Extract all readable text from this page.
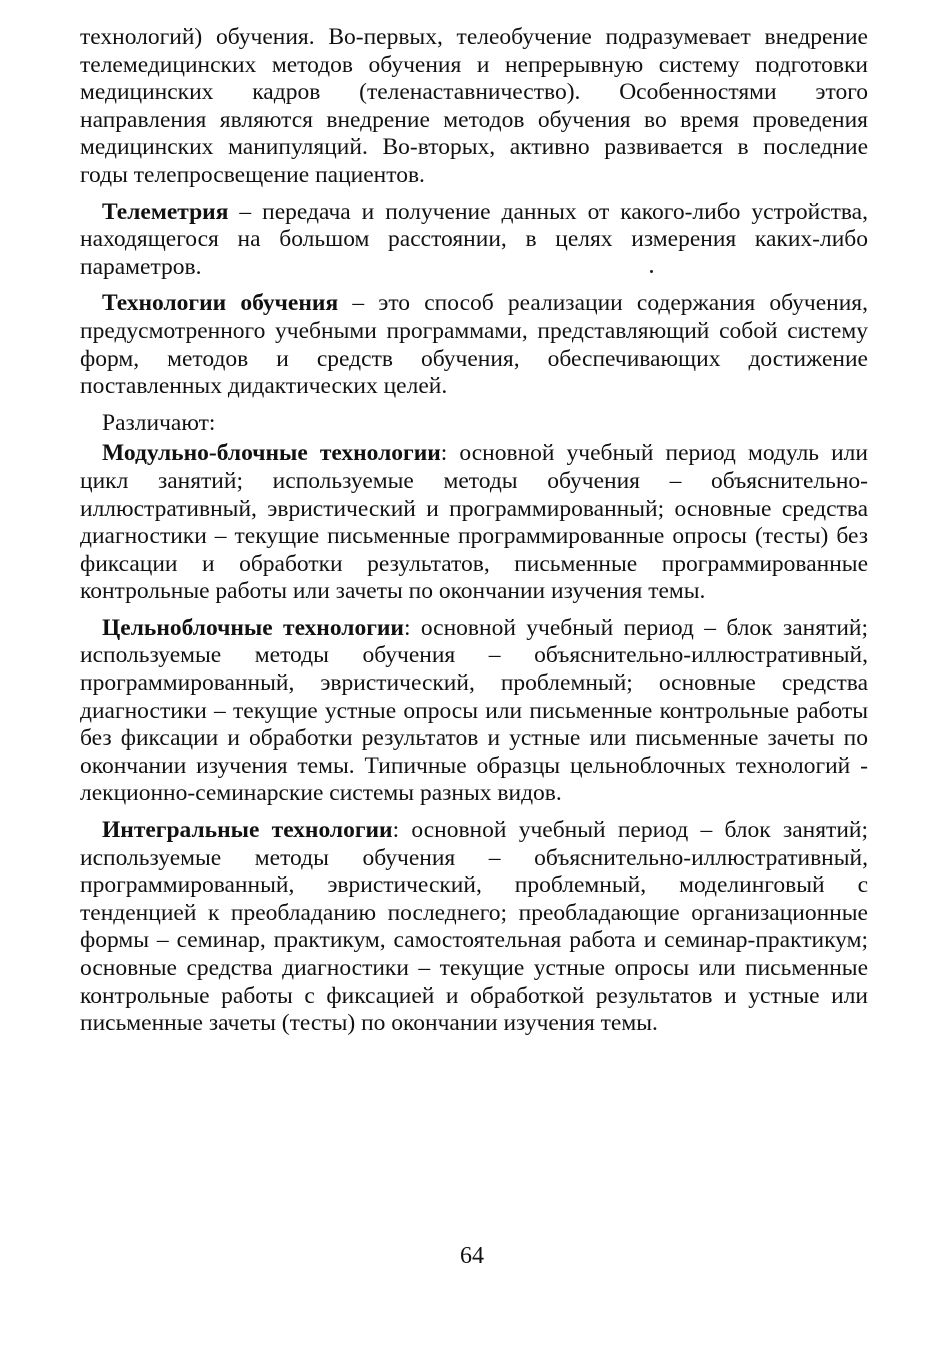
технологий) обучения. Во-первых, телеобучение подразумевает внедрение телемедицинских методов обучения и непрерывную систему подготовки медицинских кадров (теленаставничество). Особенностями этого направления являются внедрение методов обучения во время проведения медицинских манипуляций. Во-вторых, активно развивается в последние годы телепросвещение пациентов.

Телеметрия – передача и получение данных от какого-либо устройства, находящегося на большом расстоянии, в целях измерения каких-либо параметров.

Технологии обучения – это способ реализации содержания обучения, предусмотренного учебными программами, представляющий собой систему форм, методов и средств обучения, обеспечивающих достижение поставленных дидактических целей.

Различают:

Модульно-блочные технологии: основной учебный период модуль или цикл занятий; используемые методы обучения – объяснительно-иллюстративный, эвристический и программированный; основные средства диагностики – текущие письменные программированные опросы (тесты) без фиксации и обработки результатов, письменные программированные контрольные работы или зачеты по окончании изучения темы.

Цельноблочные технологии: основной учебный период – блок занятий; используемые методы обучения – объяснительно-иллюстративный, программированный, эвристический, проблемный; основные средства диагностики – текущие устные опросы или письменные контрольные работы без фиксации и обработки результатов и устные или письменные зачеты по окончании изучения темы. Типичные образцы цельноблочных технологий - лекционно-семинарские системы разных видов.

Интегральные технологии: основной учебный период – блок занятий; используемые методы обучения – объяснительно-иллюстративный, программированный, эвристический, проблемный, моделинговый с тенденцией к преобладанию последнего; преобладающие организационные формы – семинар, практикум, самостоятельная работа и семинар-практикум; основные средства диагностики – текущие устные опросы или письменные контрольные работы с фиксацией и обработкой результатов и устные или письменные зачеты (тесты) по окончании изучения темы.

64
